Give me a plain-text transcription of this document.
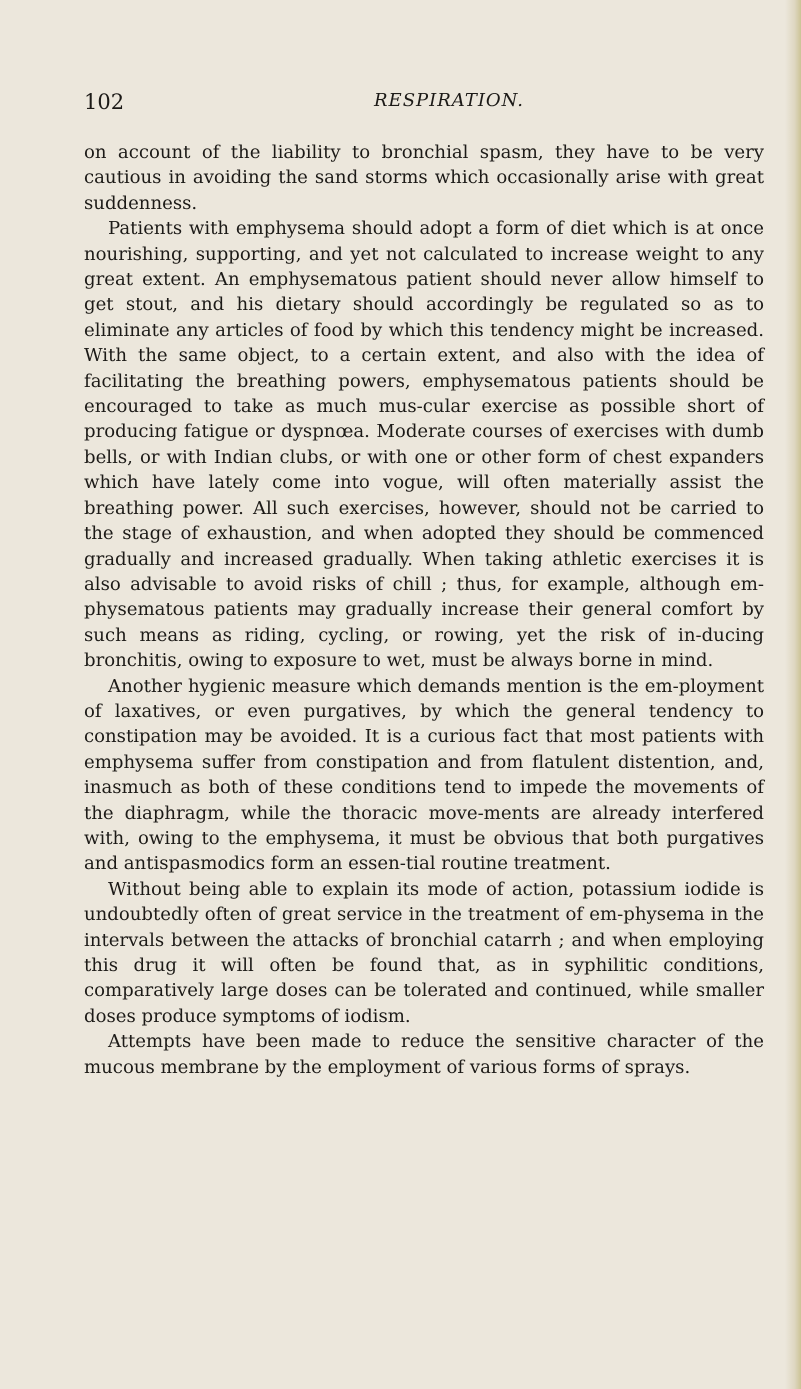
102	RESPIRATION.

on account of the liability to bronchial spasm, they have to be very cautious in avoiding the sand storms which occasionally arise with great suddenness.

Patients with emphysema should adopt a form of diet which is at once nourishing, supporting, and yet not calculated to increase weight to any great extent. An emphysematous patient should never allow himself to get stout, and his dietary should accordingly be regulated so as to eliminate any articles of food by which this tendency might be increased. With the same object, to a certain extent, and also with the idea of facilitating the breathing powers, emphysematous patients should be encouraged to take as much mus-cular exercise as possible short of producing fatigue or dyspnœa. Moderate courses of exercises with dumb bells, or with Indian clubs, or with one or other form of chest expanders which have lately come into vogue, will often materially assist the breathing power. All such exercises, however, should not be carried to the stage of exhaustion, and when adopted they should be commenced gradually and increased gradually. When taking athletic exercises it is also advisable to avoid risks of chill ; thus, for example, although em-physematous patients may gradually increase their general comfort by such means as riding, cycling, or rowing, yet the risk of in-ducing bronchitis, owing to exposure to wet, must be always borne in mind.

Another hygienic measure which demands mention is the em-ployment of laxatives, or even purgatives, by which the general tendency to constipation may be avoided. It is a curious fact that most patients with emphysema suffer from constipation and from flatulent distention, and, inasmuch as both of these conditions tend to impede the movements of the diaphragm, while the thoracic move-ments are already interfered with, owing to the emphysema, it must be obvious that both purgatives and antispasmodics form an essen-tial routine treatment.

Without being able to explain its mode of action, potassium iodide is undoubtedly often of great service in the treatment of em-physema in the intervals between the attacks of bronchial catarrh ; and when employing this drug it will often be found that, as in syphilitic conditions, comparatively large doses can be tolerated and continued, while smaller doses produce symptoms of iodism.

Attempts have been made to reduce the sensitive character of the mucous membrane by the employment of various forms of sprays.
